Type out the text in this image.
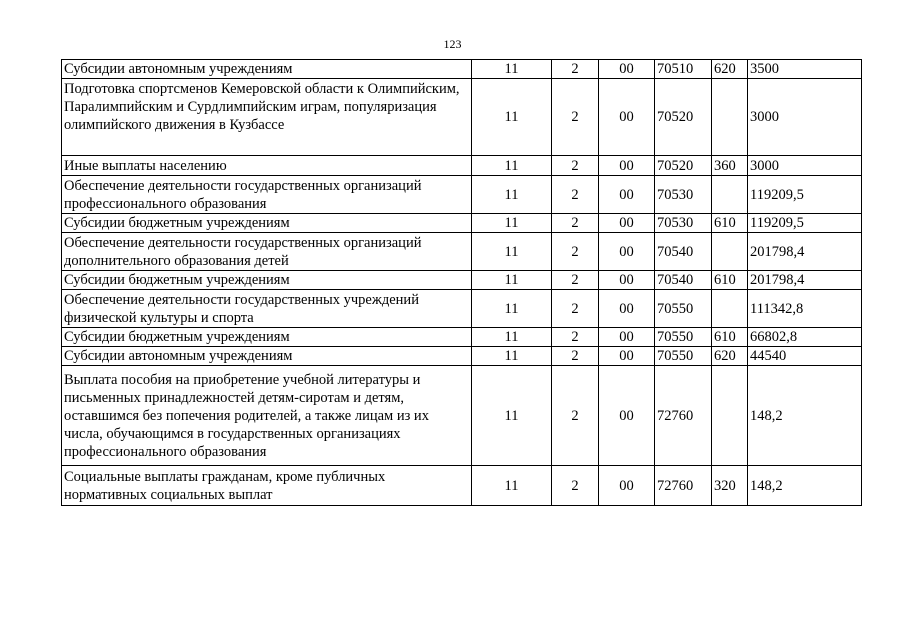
123
Субсидии автономным учреждениям	11	2	00	70510	620	3500
Подготовка спортсменов Кемеровской области к Олимпийским, Паралимпийским и Сурдлимпийским играм, популяризация олимпийского движения в Кузбассе	11	2	00	70520		3000
Иные выплаты населению	11	2	00	70520	360	3000
Обеспечение деятельности государственных организаций профессионального образования	11	2	00	70530		119209,5
Субсидии бюджетным учреждениям	11	2	00	70530	610	119209,5
Обеспечение деятельности государственных организаций дополнительного образования детей	11	2	00	70540		201798,4
Субсидии бюджетным учреждениям	11	2	00	70540	610	201798,4
Обеспечение деятельности государственных учреждений физической культуры и спорта	11	2	00	70550		111342,8
Субсидии бюджетным учреждениям	11	2	00	70550	610	66802,8
Субсидии автономным учреждениям	11	2	00	70550	620	44540
Выплата пособия на приобретение учебной литературы и письменных принадлежностей детям-сиротам и детям, оставшимся без попечения родителей, а также лицам из их числа, обучающимся в государственных организациях профессионального образования	11	2	00	72760		148,2
Социальные выплаты гражданам, кроме публичных нормативных социальных выплат	11	2	00	72760	320	148,2
